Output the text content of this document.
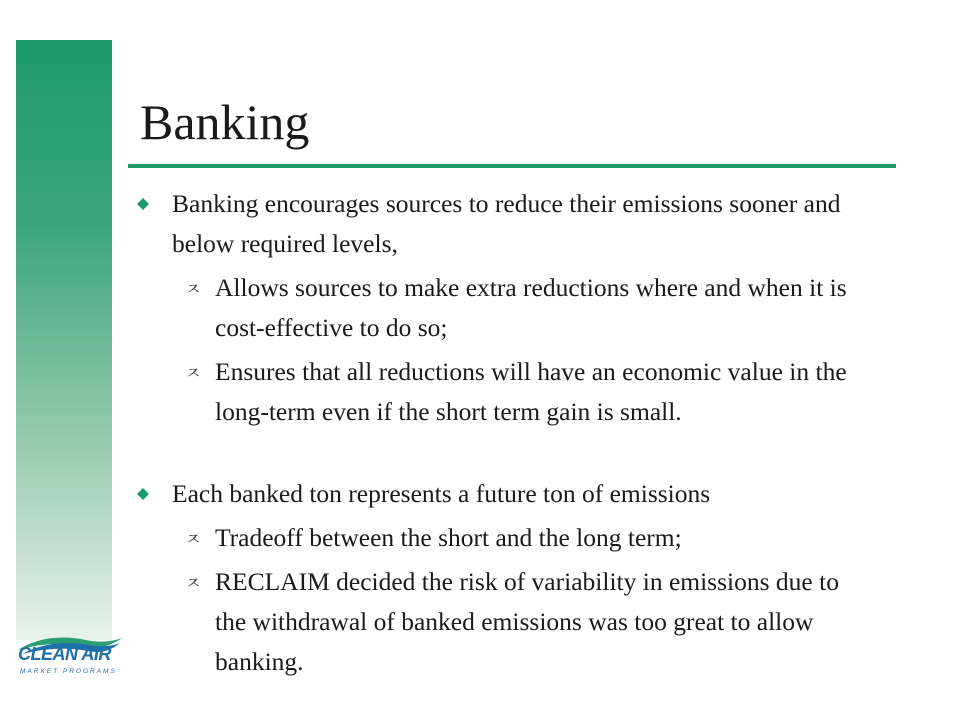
Banking
Banking encourages sources to reduce their emissions sooner and below required levels,
ㅈ Allows sources to make extra reductions where and when it is cost-effective to do so;
ㅈ Ensures that all reductions will have an economic value in the long-term even if the short term gain is small.
Each banked ton represents a future ton of emissions
ㅈ Tradeoff between the short and the long term;
ㅈ RECLAIM decided the risk of variability in emissions due to the withdrawal of banked emissions was too great to allow banking.
CLEAN AIR
MARKET PROGRAMS
